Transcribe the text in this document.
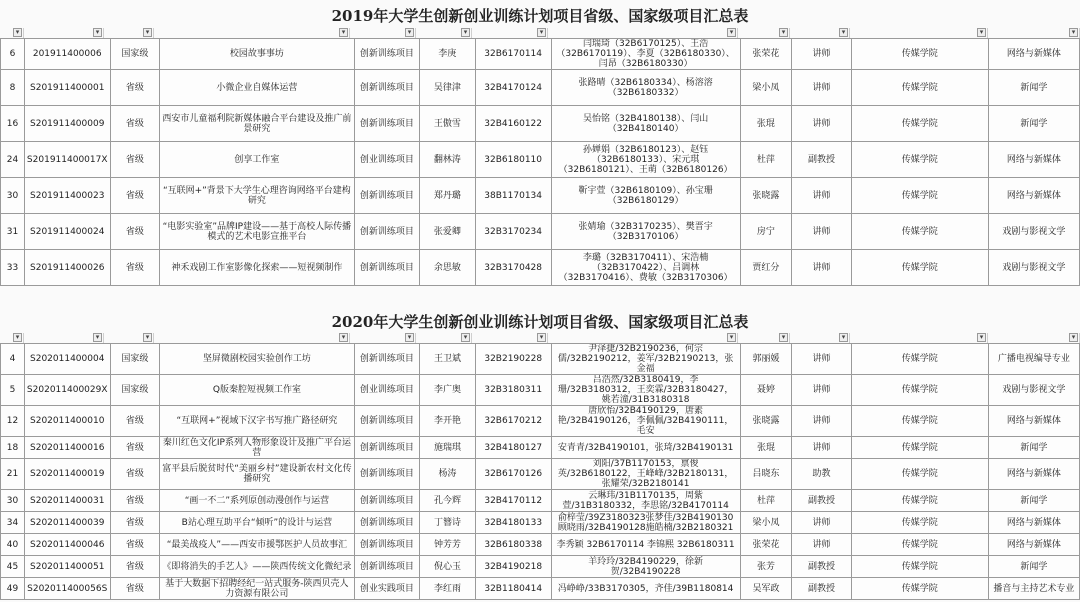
2019年大学生创新创业训练计划项目省级、国家级项目汇总表
▾	▾	▾	▾	▾	▾	▾	▾	▾	▾	▾	▾
6	201911400006	国家级	校园故事事坊	创新训练项目	李庚	32B6170114	闫瑞琦（32B6170125）、王浩（32B6170119）、李夏（32B6180330）、闫昂（32B6180330）	张荣花	讲师	传媒学院	网络与新媒体
8	S201911400001	省级	小微企业自媒体运营	创新训练项目	吴律津	32B4170124	张路晴（32B6180334）、杨溶溶（32B6180332）	梁小凤	讲师	传媒学院	新闻学
16	S201911400009	省级	西安市儿童福利院新媒体融合平台建设及推广前景研究	创新训练项目	王傲雪	32B4160122	吴怡铭（32B4180138）、闫山（32B4180140）	张琨	讲师	传媒学院	新闻学
24	S201911400017X	省级	创享工作室	创业训练项目	翻林涛	32B6180110	孙婵娟（32B6180123）、赵钰（32B6180133）、宋元琪（32B6180121）、王萌（32B6180126）	杜萍	副教授	传媒学院	网络与新媒体
30	S201911400023	省级	“互联网+”背景下大学生心理咨询网络平台建构研究	创新训练项目	郑丹璐	38B1170134	靳宇萱（32B6180109）、孙宝珊（32B6180129）	张晓露	讲师	传媒学院	网络与新媒体
31	S201911400024	省级	“电影实验室”品牌IP建设——基于高校人际传播模式的艺术电影宣推平台	创新训练项目	张爱卿	32B3170234	张婧瑜（32B3170235）、樊晋宇（32B3170106）	房宁	讲师	传媒学院	戏剧与影视文学
33	S201911400026	省级	神禾戏剧工作室影像化探索——短视频制作	创新训练项目	余思敏	32B3170428	李璐（32B3170411）、宋浩楠（32B3170422）、吕调林（32B3170416）、费敏（32B3170306）	贾红分	讲师	传媒学院	戏剧与影视文学
2020年大学生创新创业训练计划项目省级、国家级项目汇总表
▾	▾	▾	▾	▾	▾	▾	▾	▾	▾	▾	▾
4	S202011400004	国家级	坚屏微剧校园实验创作工坊	创新训练项目	王卫斌	32B2190228	尹泽捷/32B2190236，何宗儒/32B2190212，姜军/32B2190213，张金福	郭丽媛	讲师	传媒学院	广播电视编导专业
5	S202011400029X	国家级	Q版秦腔短视频工作室	创业训练项目	李广奥	32B3180311	吕浩然/32B3180419，李珊/32B3180312，王奕霖/32B3180427，姚若潼/31B3180318	聂婷	讲师	传媒学院	戏剧与影视文学
12	S202011400010	省级	“互联网+”视域下汉字书写推广路径研究	创新训练项目	李开艳	32B6170212	唐欣怡/32B4190129，唐素艳/32B4190126，李佩佩/32B4190111，毛安	张晓露	讲师	传媒学院	网络与新媒体
18	S202011400016	省级	秦川红色文化IP系列人物形象设计及推广平台运营	创新训练项目	施瑞琪	32B4180127	安青青/32B4190101，张琦/32B4190131	张琨	讲师	传媒学院	新闻学
21	S202011400019	省级	富平县后脱贫时代“美丽乡村”建设新农村文化传播研究	创新训练项目	杨涛	32B6170126	刘阳/37B1170153，禀俊英/32B6180122，王峰峰/32B2180131，张耀荣/32B2180141	吕晓东	助教	传媒学院	网络与新媒体
30	S202011400031	省级	“画一不二”系列原创动漫创作与运营	创新训练项目	孔今辉	32B4170112	云琳玮/31B1170135，周紫萱/31B3180332，李思铭/32B4170114	杜萍	副教授	传媒学院	新闻学
34	S202011400039	省级	B站心理互助平台“倾听”的设计与运营	创新训练项目	丁簪诗	32B4180133	俞梓莹/39Z3180323张梦佳/32B4190130顾晓雨/32B4190128施皓楠/32B2180321	梁小凤	讲师	传媒学院	网络与新媒体
40	S202011400046	省级	“最美战疫人”——西安市援鄂医护人员故事汇	创新训练项目	钟芳芳	32B6180338	李秀颖 32B6170114 李锦熙 32B6180311	张荣花	讲师	传媒学院	网络与新媒体
45	S202011400051	省级	《即将消失的手艺人》——陕西传统文化微纪录	创新训练项目	倪心玉	32B4190218	羊玲玲/32B4190229，徐新贺/32B4190228	张芳	副教授	传媒学院	新闻学
49	S202011400056S	省级	基于大数据下招聘经纪一站式服务-陕西贝壳人力资源有限公司	创业实践项目	李红雨	32B1180414	冯峥峥/33B3170305，齐佳/39B1180814	吴军政	副教授	传媒学院	播音与主持艺术专业
